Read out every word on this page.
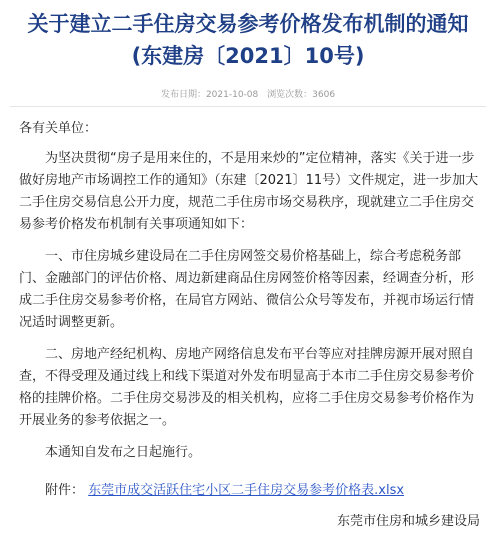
关于建立二手住房交易参考价格发布机制的通知
(东建房〔2021〕10号)
发布日期：2021-10-08 浏览次数：3606

各有关单位：

为坚决贯彻“房子是用来住的，不是用来炒的”定位精神，落实《关于进一步做好房地产市场调控工作的通知》（东建〔2021〕11号）文件规定，进一步加大二手住房交易信息公开力度，规范二手住房市场交易秩序，现就建立二手住房交易参考价格发布机制有关事项通知如下：

一、市住房城乡建设局在二手住房网签交易价格基础上，综合考虑税务部门、金融部门的评估价格、周边新建商品住房网签价格等因素，经调查分析，形成二手住房交易参考价格，在局官方网站、微信公众号等发布，并视市场运行情况适时调整更新。

二、房地产经纪机构、房地产网络信息发布平台等应对挂牌房源开展对照自查，不得受理及通过线上和线下渠道对外发布明显高于本市二手住房交易参考价格的挂牌价格。二手住房交易涉及的相关机构，应将二手住房交易参考价格作为开展业务的参考依据之一。

本通知自发布之日起施行。

附件： 东莞市成交活跃住宅小区二手住房交易参考价格表.xlsx
东莞市住房和城乡建设局
